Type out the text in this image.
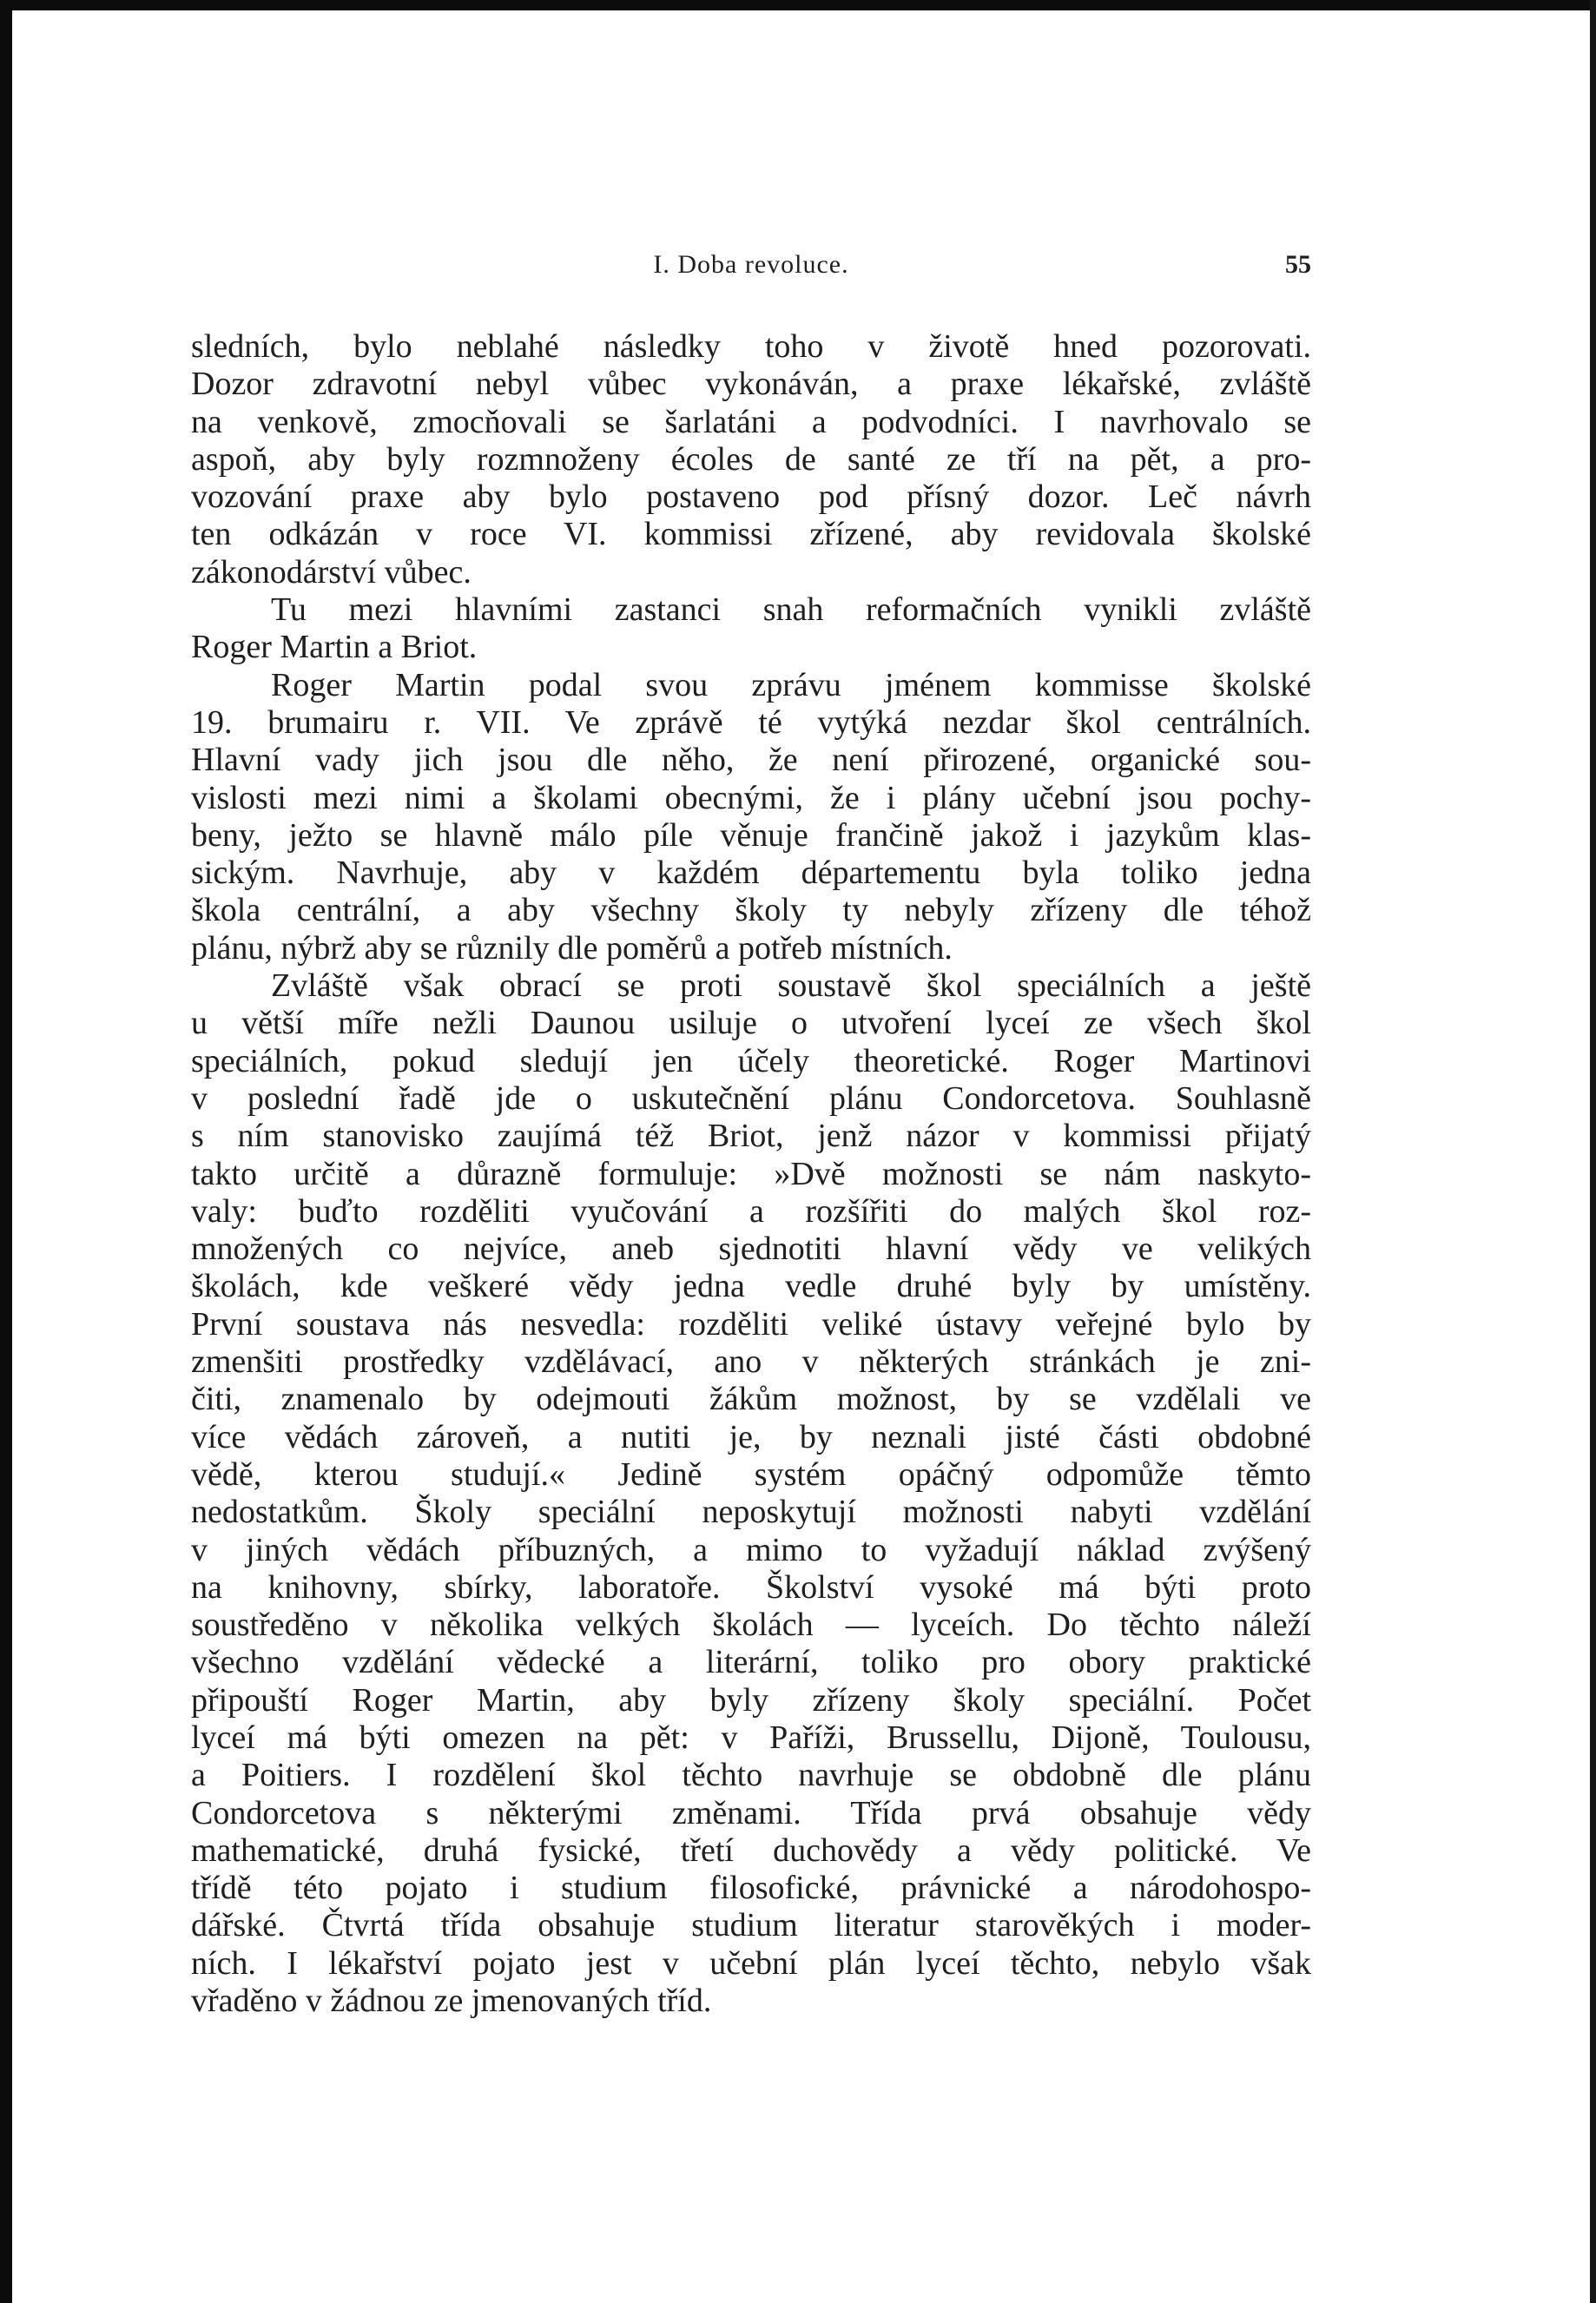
I. Doba revoluce.	55
sledních, bylo neblahé následky toho v životě hned pozorovati.
Dozor zdravotní nebyl vůbec vykonáván, a praxe lékařské, zvláště
na venkově, zmocňovali se šarlatáni a podvodníci. I navrhovalo se
aspoň, aby byly rozmnoženy écoles de santé ze tří na pět, a pro-
vozování praxe aby bylo postaveno pod přísný dozor. Leč návrh
ten odkázán v roce VI. kommissi zřízené, aby revidovala školské
zákonodárství vůbec.
Tu mezi hlavními zastanci snah reformačních vynikli zvláště
Roger Martin a Briot.
Roger Martin podal svou zprávu jménem kommisse školské
19. brumairu r. VII. Ve zprávě té vytýká nezdar škol centrálních.
Hlavní vady jich jsou dle něho, že není přirozené, organické sou-
vislosti mezi nimi a školami obecnými, že i plány učební jsou pochy-
beny, ježto se hlavně málo píle věnuje frančině jakož i jazykům klas-
sickým. Navrhuje, aby v každém départementu byla toliko jedna
škola centrální, a aby všechny školy ty nebyly zřízeny dle téhož
plánu, nýbrž aby se různily dle poměrů a potřeb místních.
Zvláště však obrací se proti soustavě škol speciálních a ještě
u větší míře nežli Daunou usiluje o utvoření lyceí ze všech škol
speciálních, pokud sledují jen účely theoretické. Roger Martinovi
v poslední řadě jde o uskutečnění plánu Condorcetova. Souhlasně
s ním stanovisko zaujímá též Briot, jenž názor v kommissi přijatý
takto určitě a důrazně formuluje: »Dvě možnosti se nám naskyto-
valy: buďto rozděliti vyučování a rozšířiti do malých škol roz-
množených co nejvíce, aneb sjednotiti hlavní vědy ve velikých
školách, kde veškeré vědy jedna vedle druhé byly by umístěny.
První soustava nás nesvedla: rozděliti veliké ústavy veřejné bylo by
zmenšiti prostředky vzdělávací, ano v některých stránkách je zni-
čiti, znamenalo by odejmouti žákům možnost, by se vzdělali ve
více vědách zároveň, a nutiti je, by neznali jisté části obdobné
vědě, kterou studují.« Jedině systém opáčný odpomůže těmto
nedostatkům. Školy speciální neposkytují možnosti nabyti vzdělání
v jiných vědách příbuzných, a mimo to vyžadují náklad zvýšený
na knihovny, sbírky, laboratoře. Školství vysoké má býti proto
soustředěno v několika velkých školách — lyceích. Do těchto náleží
všechno vzdělání vědecké a literární, toliko pro obory praktické
připouští Roger Martin, aby byly zřízeny školy speciální. Počet
lyceí má býti omezen na pět: v Paříži, Brussellu, Dijoně, Toulousu,
a Poitiers. I rozdělení škol těchto navrhuje se obdobně dle plánu
Condorcetova s některými změnami. Třída prvá obsahuje vědy
mathematické, druhá fysické, třetí duchovědy a vědy politické. Ve
třídě této pojato i studium filosofické, právnické a národohospo-
dářské. Čtvrtá třída obsahuje studium literatur starověkých i moder-
ních. I lékařství pojato jest v učební plán lyceí těchto, nebylo však
vřaděno v žádnou ze jmenovaných tříd.
